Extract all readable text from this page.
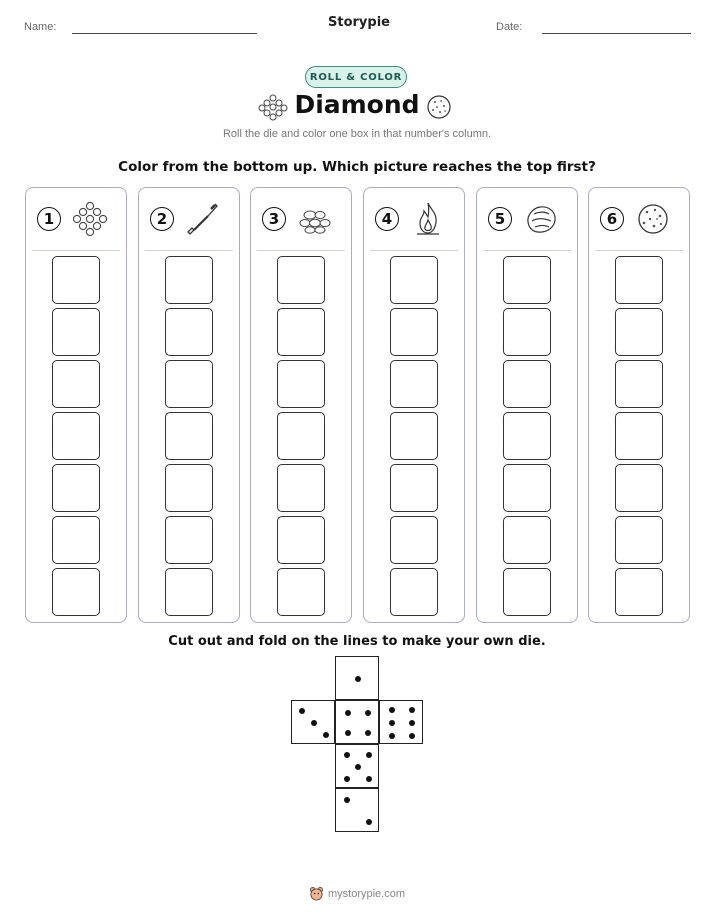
Name:	Storypie	Date:
ROLL & COLOR
Diamond
Roll the die and color one box in that number's column.
Color from the bottom up. Which picture reaches the top first?
1	2	3	4	5	6
Cut out and fold on the lines to make your own die.
mystorypie.com
